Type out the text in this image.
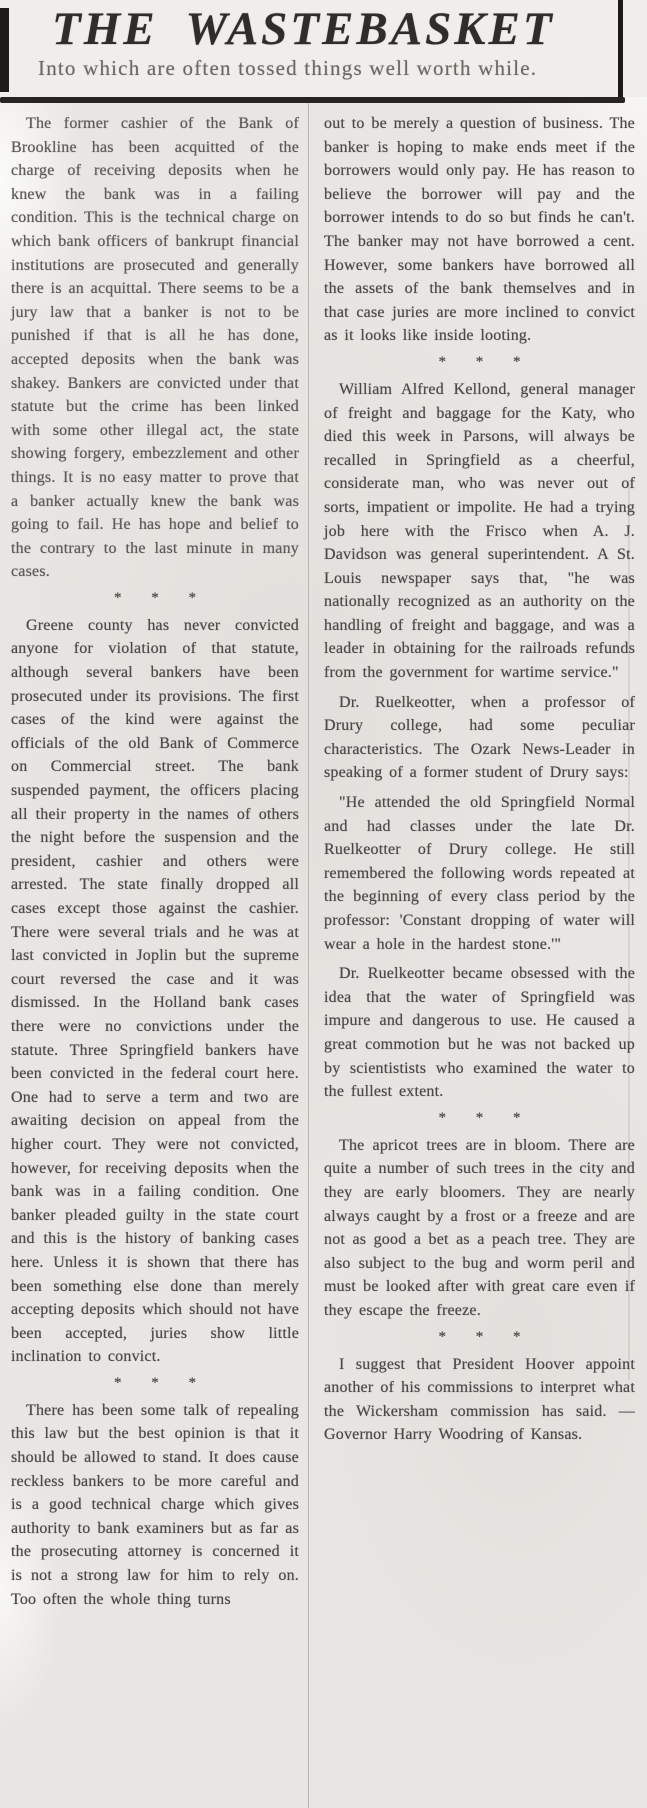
THE WASTEBASKET
Into which are often tossed things well worth while.

The former cashier of the Bank of Brookline has been acquitted of the charge of receiving deposits when he knew the bank was in a failing condition. This is the technical charge on which bank officers of bankrupt financial institutions are prosecuted and generally there is an acquittal. There seems to be a jury law that a banker is not to be punished if that is all he has done, accepted deposits when the bank was shakey. Bankers are convicted under that statute but the crime has been linked with some other illegal act, the state showing forgery, embezzlement and other things. It is no easy matter to prove that a banker actually knew the bank was going to fail. He has hope and belief to the contrary to the last minute in many cases.

* * *

Greene county has never convicted anyone for violation of that statute, although several bankers have been prosecuted under its provisions. The first cases of the kind were against the officials of the old Bank of Commerce on Commercial street. The bank suspended payment, the officers placing all their property in the names of others the night before the suspension and the president, cashier and others were arrested. The state finally dropped all cases except those against the cashier. There were several trials and he was at last convicted in Joplin but the supreme court reversed the case and it was dismissed. In the Holland bank cases there were no convictions under the statute. Three Springfield bankers have been convicted in the federal court here. One had to serve a term and two are awaiting decision on appeal from the higher court. They were not convicted, however, for receiving deposits when the bank was in a failing condition. One banker pleaded guilty in the state court and this is the history of banking cases here. Unless it is shown that there has been something else done than merely accepting deposits which should not have been accepted, juries show little inclination to convict.

* * *

There has been some talk of repealing this law but the best opinion is that it should be allowed to stand. It does cause reckless bankers to be more careful and is a good technical charge which gives authority to bank examiners but as far as the prosecuting attorney is concerned it is not a strong law for him to rely on. Too often the whole thing turns

out to be merely a question of business. The banker is hoping to make ends meet if the borrowers would only pay. He has reason to believe the borrower will pay and the borrower intends to do so but finds he can't. The banker may not have borrowed a cent. However, some bankers have borrowed all the assets of the bank themselves and in that case juries are more inclined to convict as it looks like inside looting.

* * *

William Alfred Kellond, general manager of freight and baggage for the Katy, who died this week in Parsons, will always be recalled in Springfield as a cheerful, considerate man, who was never out of sorts, impatient or impolite. He had a trying job here with the Frisco when A. J. Davidson was general superintendent. A St. Louis newspaper says that, "he was nationally recognized as an authority on the handling of freight and baggage, and was a leader in obtaining for the railroads refunds from the government for wartime service."

Dr. Ruelkeotter, when a professor of Drury college, had some peculiar characteristics. The Ozark News-Leader in speaking of a former student of Drury says:

"He attended the old Springfield Normal and had classes under the late Dr. Ruelkeotter of Drury college. He still remembered the following words repeated at the beginning of every class period by the professor: 'Constant dropping of water will wear a hole in the hardest stone.'"

Dr. Ruelkeotter became obsessed with the idea that the water of Springfield was impure and dangerous to use. He caused a great commotion but he was not backed up by scientistists who examined the water to the fullest extent.

* * *

The apricot trees are in bloom. There are quite a number of such trees in the city and they are early bloomers. They are nearly always caught by a frost or a freeze and are not as good a bet as a peach tree. They are also subject to the bug and worm peril and must be looked after with great care even if they escape the freeze.

* * *

I suggest that President Hoover appoint another of his commissions to interpret what the Wickersham commission has said. — Governor Harry Woodring of Kansas.
